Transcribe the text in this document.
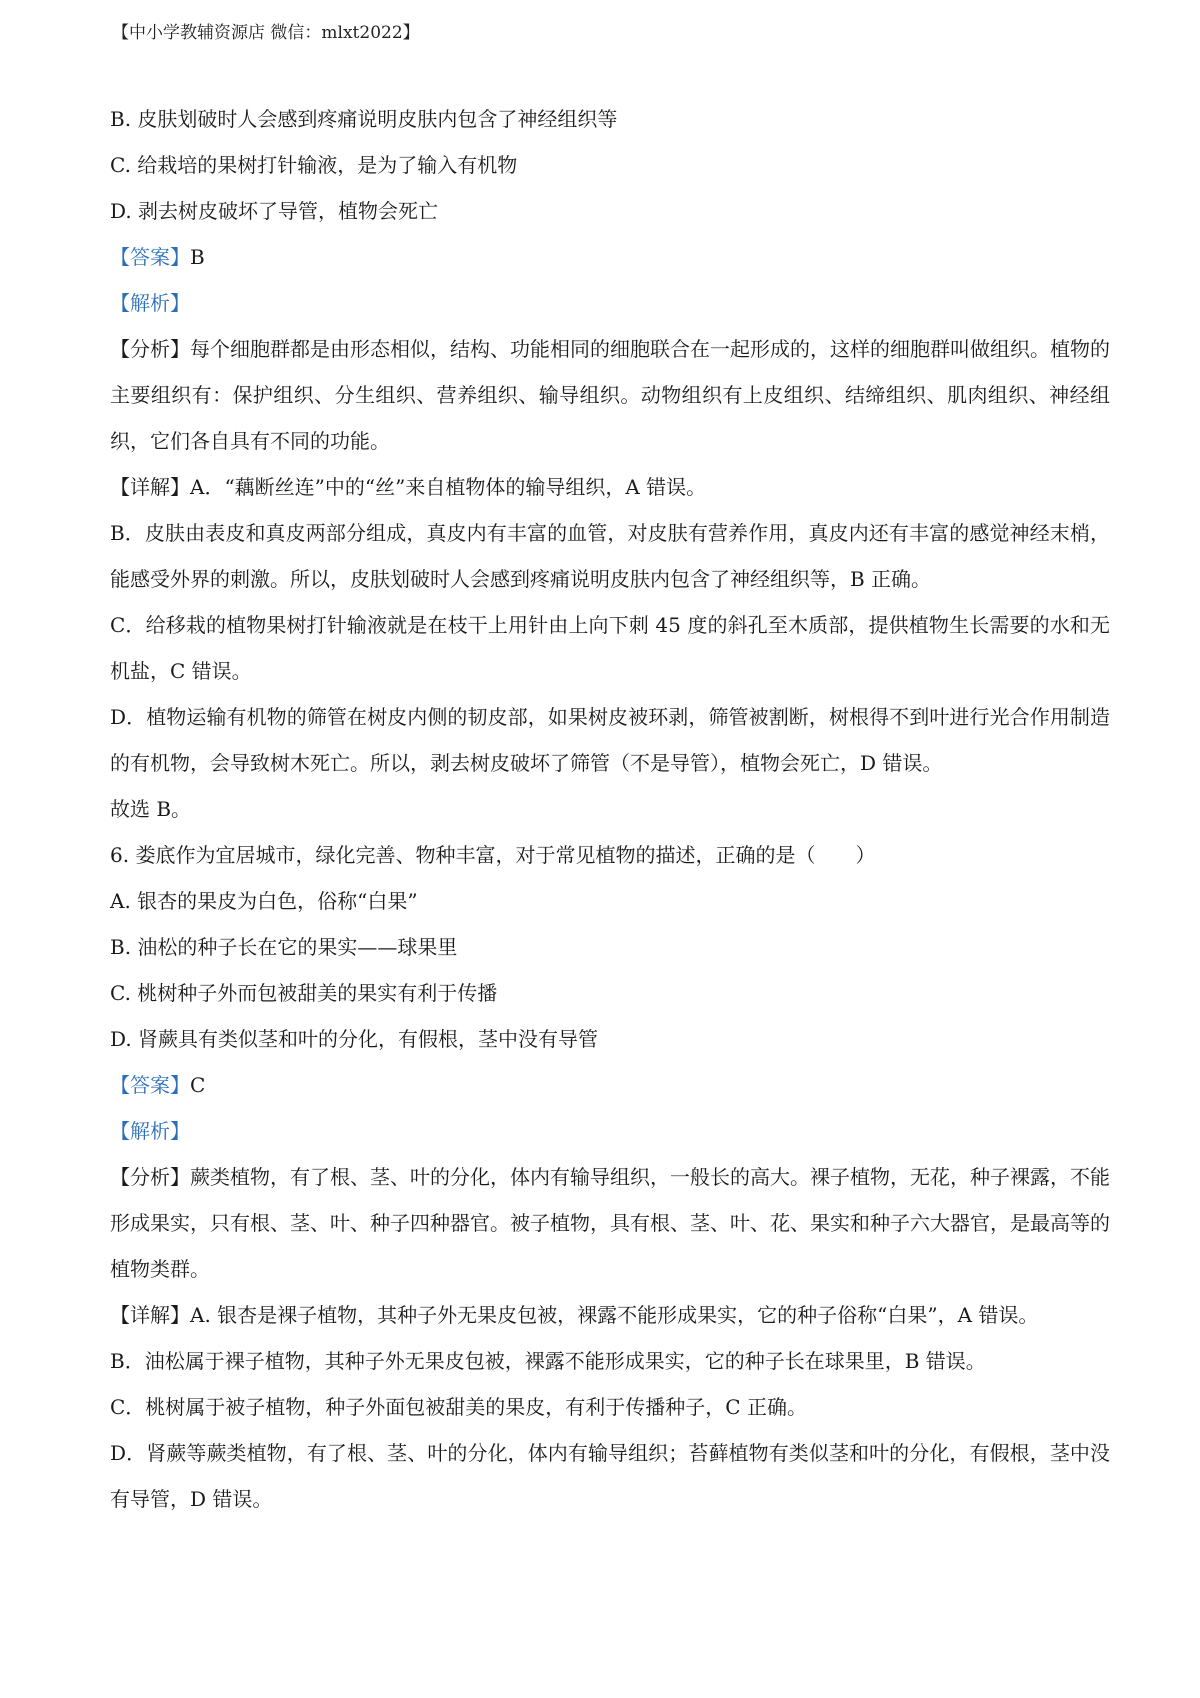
【中小学教辅资源店 微信：mlxt2022】
B. 皮肤划破时人会感到疼痛说明皮肤内包含了神经组织等
C. 给栽培的果树打针输液，是为了输入有机物
D. 剥去树皮破坏了导管，植物会死亡
【答案】B
【解析】
【分析】每个细胞群都是由形态相似，结构、功能相同的细胞联合在一起形成的，这样的细胞群叫做组织。植物的主要组织有：保护组织、分生组织、营养组织、输导组织。动物组织有上皮组织、结缔组织、肌肉组织、神经组织，它们各自具有不同的功能。
【详解】A．“藕断丝连”中的“丝”来自植物体的输导组织，A 错误。
B．皮肤由表皮和真皮两部分组成，真皮内有丰富的血管，对皮肤有营养作用，真皮内还有丰富的感觉神经末梢，能感受外界的刺激。所以，皮肤划破时人会感到疼痛说明皮肤内包含了神经组织等，B 正确。
C．给移栽的植物果树打针输液就是在枝干上用针由上向下刺 45 度的斜孔至木质部，提供植物生长需要的水和无机盐，C 错误。
D．植物运输有机物的筛管在树皮内侧的韧皮部，如果树皮被环剥，筛管被割断，树根得不到叶进行光合作用制造的有机物，会导致树木死亡。所以，剥去树皮破坏了筛管（不是导管），植物会死亡，D 错误。
故选 B。
6. 娄底作为宜居城市，绿化完善、物种丰富，对于常见植物的描述，正确的是（　　）
A. 银杏的果皮为白色，俗称“白果”
B. 油松的种子长在它的果实——球果里
C. 桃树种子外而包被甜美的果实有利于传播
D. 肾蕨具有类似茎和叶的分化，有假根，茎中没有导管
【答案】C
【解析】
【分析】蕨类植物，有了根、茎、叶的分化，体内有输导组织，一般长的高大。裸子植物，无花，种子裸露，不能形成果实，只有根、茎、叶、种子四种器官。被子植物，具有根、茎、叶、花、果实和种子六大器官，是最高等的植物类群。
【详解】A. 银杏是裸子植物，其种子外无果皮包被，裸露不能形成果实，它的种子俗称“白果”，A 错误。
B．油松属于裸子植物，其种子外无果皮包被，裸露不能形成果实，它的种子长在球果里，B 错误。
C．桃树属于被子植物，种子外面包被甜美的果皮，有利于传播种子，C 正确。
D．肾蕨等蕨类植物，有了根、茎、叶的分化，体内有输导组织；苔藓植物有类似茎和叶的分化，有假根，茎中没有导管，D 错误。
